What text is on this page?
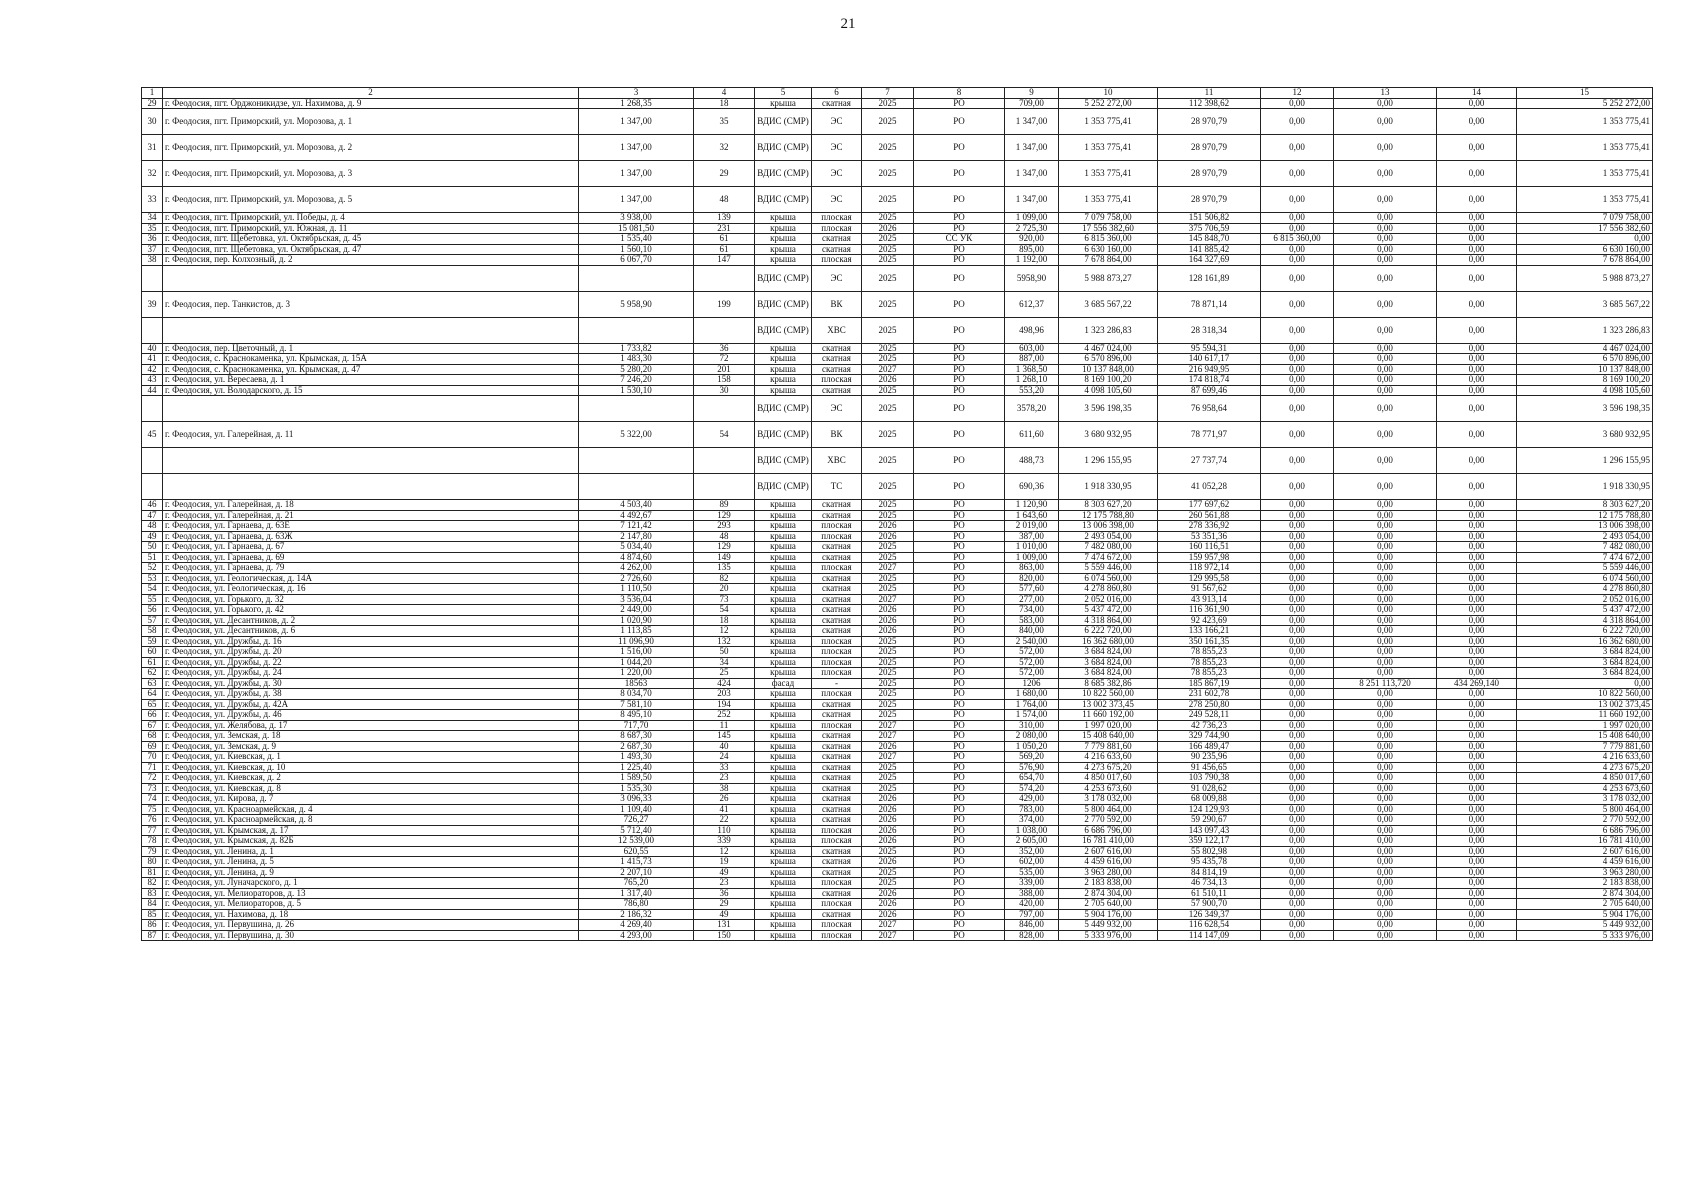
21
1	2	3	4	5	6	7	8	9	10	11	12	13	14	15
29	г. Феодосия, пгт. Орджоникидзе, ул. Нахимова, д. 9	1 268,35	18	крыша	скатная	2025	РО	709,00	5 252 272,00	112 398,62	0,00	0,00	0,00	5 252 272,00
30	г. Феодосия, пгт. Приморский, ул. Морозова, д. 1	1 347,00	35	ВДИС (СМР)	ЭС	2025	РО	1 347,00	1 353 775,41	28 970,79	0,00	0,00	0,00	1 353 775,41
31	г. Феодосия, пгт. Приморский, ул. Морозова, д. 2	1 347,00	32	ВДИС (СМР)	ЭС	2025	РО	1 347,00	1 353 775,41	28 970,79	0,00	0,00	0,00	1 353 775,41
32	г. Феодосия, пгт. Приморский, ул. Морозова, д. 3	1 347,00	29	ВДИС (СМР)	ЭС	2025	РО	1 347,00	1 353 775,41	28 970,79	0,00	0,00	0,00	1 353 775,41
33	г. Феодосия, пгт. Приморский, ул. Морозова, д. 5	1 347,00	48	ВДИС (СМР)	ЭС	2025	РО	1 347,00	1 353 775,41	28 970,79	0,00	0,00	0,00	1 353 775,41
34	г. Феодосия, пгт. Приморский, ул. Победы, д. 4	3 938,00	139	крыша	плоская	2025	РО	1 099,00	7 079 758,00	151 506,82	0,00	0,00	0,00	7 079 758,00
35	г. Феодосия, пгт. Приморский, ул. Южная, д. 11	15 081,50	231	крыша	плоская	2026	РО	2 725,30	17 556 382,60	375 706,59	0,00	0,00	0,00	17 556 382,60
36	г. Феодосия, пгт. Щебетовка, ул. Октябрьская, д. 45	1 535,40	61	крыша	скатная	2025	СС УК	920,00	6 815 360,00	145 848,70	6 815 360,00	0,00	0,00	0,00
37	г. Феодосия, пгт. Щебетовка, ул. Октябрьская, д. 47	1 560,10	61	крыша	скатная	2025	РО	895,00	6 630 160,00	141 885,42	0,00	0,00	0,00	6 630 160,00
38	г. Феодосия, пер. Колхозный, д. 2	6 067,70	147	крыша	плоская	2025	РО	1 192,00	7 678 864,00	164 327,69	0,00	0,00	0,00	7 678 864,00
				ВДИС (СМР)	ЭС	2025	РО	5958,90	5 988 873,27	128 161,89	0,00	0,00	0,00	5 988 873,27
39	г. Феодосия, пер. Танкистов, д. 3	5 958,90	199	ВДИС (СМР)	ВК	2025	РО	612,37	3 685 567,22	78 871,14	0,00	0,00	0,00	3 685 567,22
				ВДИС (СМР)	ХВС	2025	РО	498,96	1 323 286,83	28 318,34	0,00	0,00	0,00	1 323 286,83
40	г. Феодосия, пер. Цветочный, д. 1	1 733,82	36	крыша	скатная	2025	РО	603,00	4 467 024,00	95 594,31	0,00	0,00	0,00	4 467 024,00
41	г. Феодосия, с. Краснокаменка, ул. Крымская, д. 15А	1 483,30	72	крыша	скатная	2025	РО	887,00	6 570 896,00	140 617,17	0,00	0,00	0,00	6 570 896,00
42	г. Феодосия, с. Краснокаменка, ул. Крымская, д. 47	5 280,20	201	крыша	скатная	2027	РО	1 368,50	10 137 848,00	216 949,95	0,00	0,00	0,00	10 137 848,00
43	г. Феодосия, ул. Вересаева, д. 1	7 246,20	158	крыша	плоская	2026	РО	1 268,10	8 169 100,20	174 818,74	0,00	0,00	0,00	8 169 100,20
44	г. Феодосия, ул. Володарского, д. 15	1 530,10	30	крыша	скатная	2025	РО	553,20	4 098 105,60	87 699,46	0,00	0,00	0,00	4 098 105,60
				ВДИС (СМР)	ЭС	2025	РО	3578,20	3 596 198,35	76 958,64	0,00	0,00	0,00	3 596 198,35
45	г. Феодосия, ул. Галерейная, д. 11	5 322,00	54	ВДИС (СМР)	ВК	2025	РО	611,60	3 680 932,95	78 771,97	0,00	0,00	0,00	3 680 932,95
				ВДИС (СМР)	ХВС	2025	РО	488,73	1 296 155,95	27 737,74	0,00	0,00	0,00	1 296 155,95
				ВДИС (СМР)	ТС	2025	РО	690,36	1 918 330,95	41 052,28	0,00	0,00	0,00	1 918 330,95
46	г. Феодосия, ул. Галерейная, д. 18	4 503,40	89	крыша	скатная	2025	РО	1 120,90	8 303 627,20	177 697,62	0,00	0,00	0,00	8 303 627,20
47	г. Феодосия, ул. Галерейная, д. 21	4 492,67	129	крыша	скатная	2025	РО	1 643,60	12 175 788,80	260 561,88	0,00	0,00	0,00	12 175 788,80
48	г. Феодосия, ул. Гарнаева, д. 63Е	7 121,42	293	крыша	плоская	2026	РО	2 019,00	13 006 398,00	278 336,92	0,00	0,00	0,00	13 006 398,00
49	г. Феодосия, ул. Гарнаева, д. 63Ж	2 147,80	48	крыша	плоская	2026	РО	387,00	2 493 054,00	53 351,36	0,00	0,00	0,00	2 493 054,00
50	г. Феодосия, ул. Гарнаева, д. 67	5 034,40	129	крыша	скатная	2025	РО	1 010,00	7 482 080,00	160 116,51	0,00	0,00	0,00	7 482 080,00
51	г. Феодосия, ул. Гарнаева, д. 69	4 874,60	149	крыша	скатная	2025	РО	1 009,00	7 474 672,00	159 957,98	0,00	0,00	0,00	7 474 672,00
52	г. Феодосия, ул. Гарнаева, д. 79	4 262,00	135	крыша	плоская	2027	РО	863,00	5 559 446,00	118 972,14	0,00	0,00	0,00	5 559 446,00
53	г. Феодосия, ул. Геологическая, д. 14А	2 726,60	82	крыша	скатная	2025	РО	820,00	6 074 560,00	129 995,58	0,00	0,00	0,00	6 074 560,00
54	г. Феодосия, ул. Геологическая, д. 16	1 110,50	20	крыша	скатная	2025	РО	577,60	4 278 860,80	91 567,62	0,00	0,00	0,00	4 278 860,80
55	г. Феодосия, ул. Горького, д. 32	3 536,04	73	крыша	скатная	2027	РО	277,00	2 052 016,00	43 913,14	0,00	0,00	0,00	2 052 016,00
56	г. Феодосия, ул. Горького, д. 42	2 449,00	54	крыша	скатная	2026	РО	734,00	5 437 472,00	116 361,90	0,00	0,00	0,00	5 437 472,00
57	г. Феодосия, ул. Десантников, д. 2	1 020,90	18	крыша	скатная	2026	РО	583,00	4 318 864,00	92 423,69	0,00	0,00	0,00	4 318 864,00
58	г. Феодосия, ул. Десантников, д. 6	1 113,85	12	крыша	скатная	2026	РО	840,00	6 222 720,00	133 166,21	0,00	0,00	0,00	6 222 720,00
59	г. Феодосия, ул. Дружбы, д. 16	11 096,90	132	крыша	плоская	2025	РО	2 540,00	16 362 680,00	350 161,35	0,00	0,00	0,00	16 362 680,00
60	г. Феодосия, ул. Дружбы, д. 20	1 516,00	50	крыша	плоская	2025	РО	572,00	3 684 824,00	78 855,23	0,00	0,00	0,00	3 684 824,00
61	г. Феодосия, ул. Дружбы, д. 22	1 044,20	34	крыша	плоская	2025	РО	572,00	3 684 824,00	78 855,23	0,00	0,00	0,00	3 684 824,00
62	г. Феодосия, ул. Дружбы, д. 24	1 220,00	25	крыша	плоская	2025	РО	572,00	3 684 824,00	78 855,23	0,00	0,00	0,00	3 684 824,00
63	г. Феодосия, ул. Дружбы, д. 30	18563	424	фасад	-	2025	РО	1206	8 685 382,86	185 867,19	0,00	8 251 113,720	434 269,140	0,00
64	г. Феодосия, ул. Дружбы, д. 38	8 034,70	203	крыша	плоская	2025	РО	1 680,00	10 822 560,00	231 602,78	0,00	0,00	0,00	10 822 560,00
65	г. Феодосия, ул. Дружбы, д. 42А	7 581,10	194	крыша	скатная	2025	РО	1 764,00	13 002 373,45	278 250,80	0,00	0,00	0,00	13 002 373,45
66	г. Феодосия, ул. Дружбы, д. 46	8 495,10	252	крыша	скатная	2025	РО	1 574,00	11 660 192,00	249 528,11	0,00	0,00	0,00	11 660 192,00
67	г. Феодосия, ул. Желябова, д. 17	717,70	11	крыша	плоская	2027	РО	310,00	1 997 020,00	42 736,23	0,00	0,00	0,00	1 997 020,00
68	г. Феодосия, ул. Земская, д. 18	8 687,30	145	крыша	скатная	2027	РО	2 080,00	15 408 640,00	329 744,90	0,00	0,00	0,00	15 408 640,00
69	г. Феодосия, ул. Земская, д. 9	2 687,30	40	крыша	скатная	2026	РО	1 050,20	7 779 881,60	166 489,47	0,00	0,00	0,00	7 779 881,60
70	г. Феодосия, ул. Киевская, д. 1	1 493,30	24	крыша	скатная	2027	РО	569,20	4 216 633,60	90 235,96	0,00	0,00	0,00	4 216 633,60
71	г. Феодосия, ул. Киевская, д. 10	1 225,40	33	крыша	скатная	2025	РО	576,90	4 273 675,20	91 456,65	0,00	0,00	0,00	4 273 675,20
72	г. Феодосия, ул. Киевская, д. 2	1 589,50	23	крыша	скатная	2025	РО	654,70	4 850 017,60	103 790,38	0,00	0,00	0,00	4 850 017,60
73	г. Феодосия, ул. Киевская, д. 8	1 535,30	38	крыша	скатная	2025	РО	574,20	4 253 673,60	91 028,62	0,00	0,00	0,00	4 253 673,60
74	г. Феодосия, ул. Кирова, д. 7	3 096,33	26	крыша	скатная	2026	РО	429,00	3 178 032,00	68 009,88	0,00	0,00	0,00	3 178 032,00
75	г. Феодосия, ул. Красноармейская, д. 4	1 109,40	41	крыша	скатная	2026	РО	783,00	5 800 464,00	124 129,93	0,00	0,00	0,00	5 800 464,00
76	г. Феодосия, ул. Красноармейская, д. 8	726,27	22	крыша	скатная	2026	РО	374,00	2 770 592,00	59 290,67	0,00	0,00	0,00	2 770 592,00
77	г. Феодосия, ул. Крымская, д. 17	5 712,40	110	крыша	плоская	2026	РО	1 038,00	6 686 796,00	143 097,43	0,00	0,00	0,00	6 686 796,00
78	г. Феодосия, ул. Крымская, д. 82Б	12 539,00	339	крыша	плоская	2026	РО	2 605,00	16 781 410,00	359 122,17	0,00	0,00	0,00	16 781 410,00
79	г. Феодосия, ул. Ленина, д. 1	620,55	12	крыша	скатная	2025	РО	352,00	2 607 616,00	55 802,98	0,00	0,00	0,00	2 607 616,00
80	г. Феодосия, ул. Ленина, д. 5	1 415,73	19	крыша	скатная	2026	РО	602,00	4 459 616,00	95 435,78	0,00	0,00	0,00	4 459 616,00
81	г. Феодосия, ул. Ленина, д. 9	2 207,10	49	крыша	скатная	2025	РО	535,00	3 963 280,00	84 814,19	0,00	0,00	0,00	3 963 280,00
82	г. Феодосия, ул. Луначарского, д. 1	765,20	23	крыша	плоская	2025	РО	339,00	2 183 838,00	46 734,13	0,00	0,00	0,00	2 183 838,00
83	г. Феодосия, ул. Мелиораторов, д. 13	1 317,40	36	крыша	скатная	2026	РО	388,00	2 874 304,00	61 510,11	0,00	0,00	0,00	2 874 304,00
84	г. Феодосия, ул. Мелиораторов, д. 5	786,80	29	крыша	плоская	2026	РО	420,00	2 705 640,00	57 900,70	0,00	0,00	0,00	2 705 640,00
85	г. Феодосия, ул. Нахимова, д. 18	2 186,32	49	крыша	скатная	2026	РО	797,00	5 904 176,00	126 349,37	0,00	0,00	0,00	5 904 176,00
86	г. Феодосия, ул. Первушина, д. 26	4 269,40	131	крыша	плоская	2027	РО	846,00	5 449 932,00	116 628,54	0,00	0,00	0,00	5 449 932,00
87	г. Феодосия, ул. Первушина, д. 30	4 293,00	150	крыша	плоская	2027	РО	828,00	5 333 976,00	114 147,09	0,00	0,00	0,00	5 333 976,00
